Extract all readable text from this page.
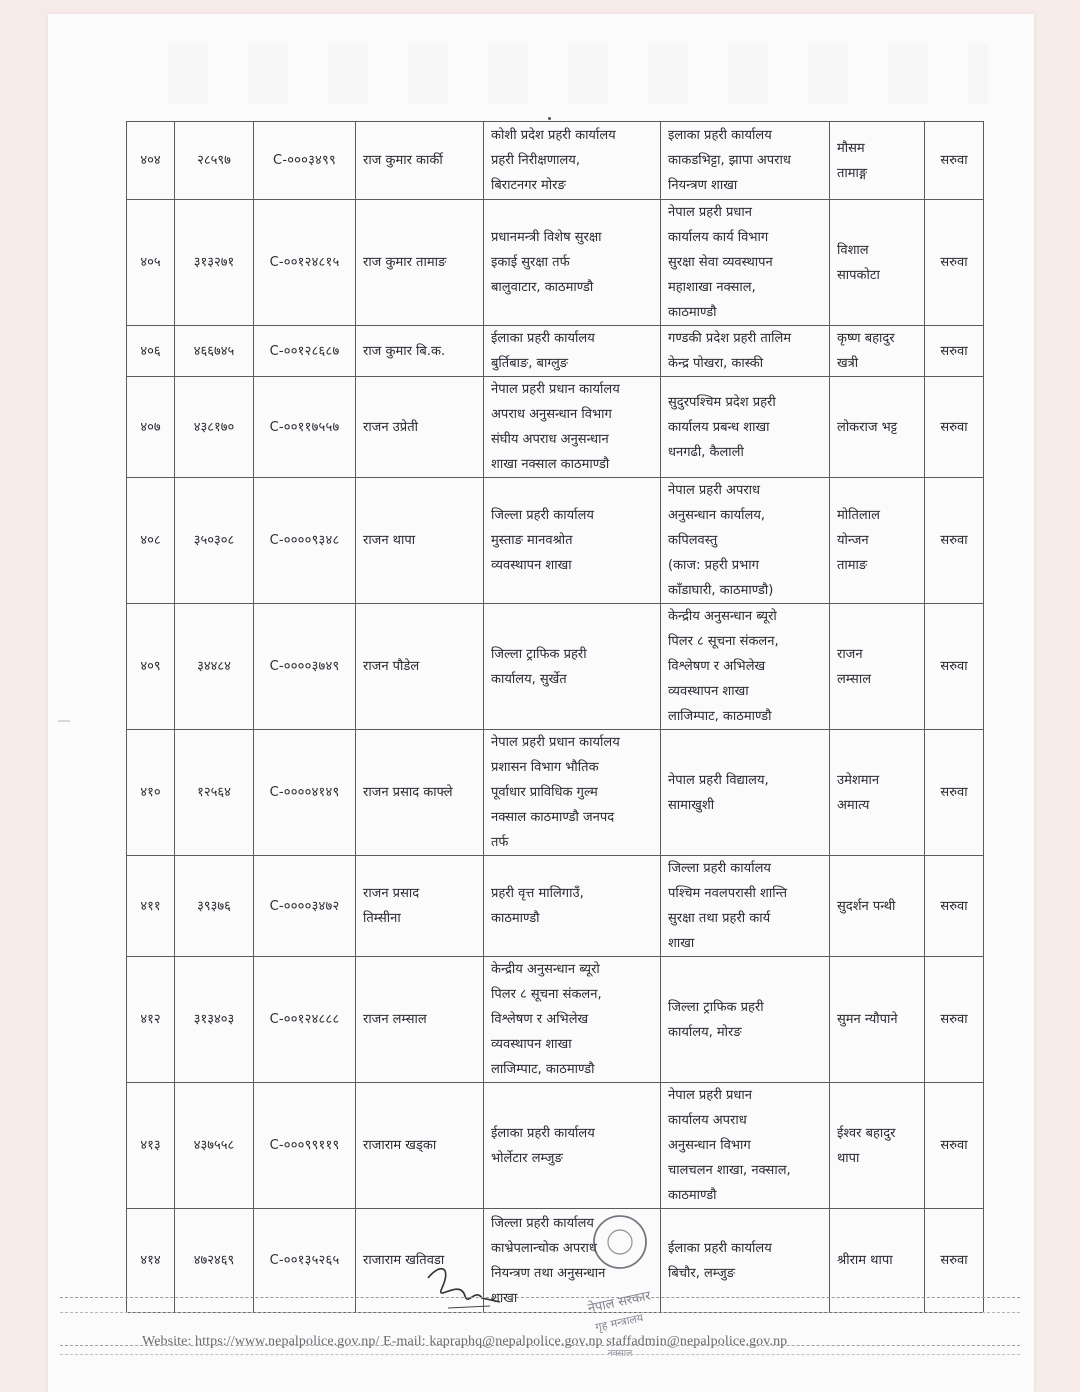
४०४	२८५९७	C-०००३४९९	राज कुमार कार्की	कोशी प्रदेश प्रहरी कार्यालय
प्रहरी निरीक्षणालय,
बिराटनगर मोरङ	इलाका प्रहरी कार्यालय
काकडभिट्टा, झापा अपराध
नियन्त्रण शाखा	मौसम
तामाङ्ग	सरुवा
४०५	३१३२७१	C-००१२४८१५	राज कुमार तामाङ	प्रधानमन्त्री विशेष सुरक्षा
इकाई सुरक्षा तर्फ
बालुवाटार, काठमाण्डौ	नेपाल प्रहरी प्रधान
कार्यालय कार्य विभाग
सुरक्षा सेवा व्यवस्थापन
महाशाखा नक्साल,
काठमाण्डौ	विशाल
सापकोटा	सरुवा
४०६	४६६७४५	C-००१२८६८७	राज कुमार बि.क.	ईलाका प्रहरी कार्यालय
बुर्तिबाङ, बाग्लुङ	गण्डकी प्रदेश प्रहरी तालिम
केन्द्र पोखरा, कास्की	कृष्ण बहादुर
खत्री	सरुवा
४०७	४३८१७०	C-००११७५५७	राजन उप्रेती	नेपाल प्रहरी प्रधान कार्यालय
अपराध अनुसन्धान विभाग
संघीय अपराध अनुसन्धान
शाखा नक्साल काठमाण्डौ	सुदुरपश्चिम प्रदेश प्रहरी
कार्यालय प्रबन्ध शाखा
धनगढी, कैलाली	लोकराज भट्ट	सरुवा
४०८	३५०३०८	C-००००९३४८	राजन थापा	जिल्ला प्रहरी कार्यालय
मुस्ताङ मानवश्रोत
व्यवस्थापन शाखा	नेपाल प्रहरी अपराध
अनुसन्धान कार्यालय,
कपिलवस्तु
(काज: प्रहरी प्रभाग
काँडाघारी, काठमाण्डौ)	मोतिलाल
योन्जन
तामाङ	सरुवा
४०९	३४४८४	C-००००३७४९	राजन पौडेल	जिल्ला ट्राफिक प्रहरी
कार्यालय, सुर्खेत	केन्द्रीय अनुसन्धान ब्यूरो
पिलर ८ सूचना संकलन,
विश्लेषण र अभिलेख
व्यवस्थापन शाखा
लाजिम्पाट, काठमाण्डौ	राजन
लम्साल	सरुवा
४१०	१२५६४	C-००००४१४९	राजन प्रसाद काफ्ले	नेपाल प्रहरी प्रधान कार्यालय
प्रशासन विभाग भौतिक
पूर्वाधार प्राविधिक गुल्म
नक्साल काठमाण्डौ जनपद
तर्फ	नेपाल प्रहरी विद्यालय,
सामाखुशी	उमेशमान
अमात्य	सरुवा
४११	३९३७६	C-००००३४७२	राजन प्रसाद
तिम्सीना	प्रहरी वृत्त मालिगाउँ,
काठमाण्डौ	जिल्ला प्रहरी कार्यालय
पश्चिम नवलपरासी शान्ति
सुरक्षा तथा प्रहरी कार्य
शाखा	सुदर्शन पन्थी	सरुवा
४१२	३१३४०३	C-००१२४८८८	राजन लम्साल	केन्द्रीय अनुसन्धान ब्यूरो
पिलर ८ सूचना संकलन,
विश्लेषण र अभिलेख
व्यवस्थापन शाखा
लाजिम्पाट, काठमाण्डौ	जिल्ला ट्राफिक प्रहरी
कार्यालय, मोरङ	सुमन न्यौपाने	सरुवा
४१३	४३७५५८	C-०००९९११९	राजाराम खड्का	ईलाका प्रहरी कार्यालय
भोर्लेटार लम्जुङ	नेपाल प्रहरी प्रधान
कार्यालय अपराध
अनुसन्धान विभाग
चालचलन शाखा, नक्साल,
काठमाण्डौ	ईश्वर बहादुर
थापा	सरुवा
४१४	४७२४६९	C-००१३५२६५	राजाराम खतिवडा	जिल्ला प्रहरी कार्यालय
काभ्रेपलान्चोक अपराध
नियन्त्रण तथा अनुसन्धान
शाखा	ईलाका प्रहरी कार्यालय
बिचौर, लम्जुङ	श्रीराम थापा	सरुवा
नेपाल सरकार
गृह मन्त्रालय
नक्साल
Website: https://www.nepalpolice.gov.np/ E-mail: kapraphq@nepalpolice.gov.np staffadmin@nepalpolice.gov.np
